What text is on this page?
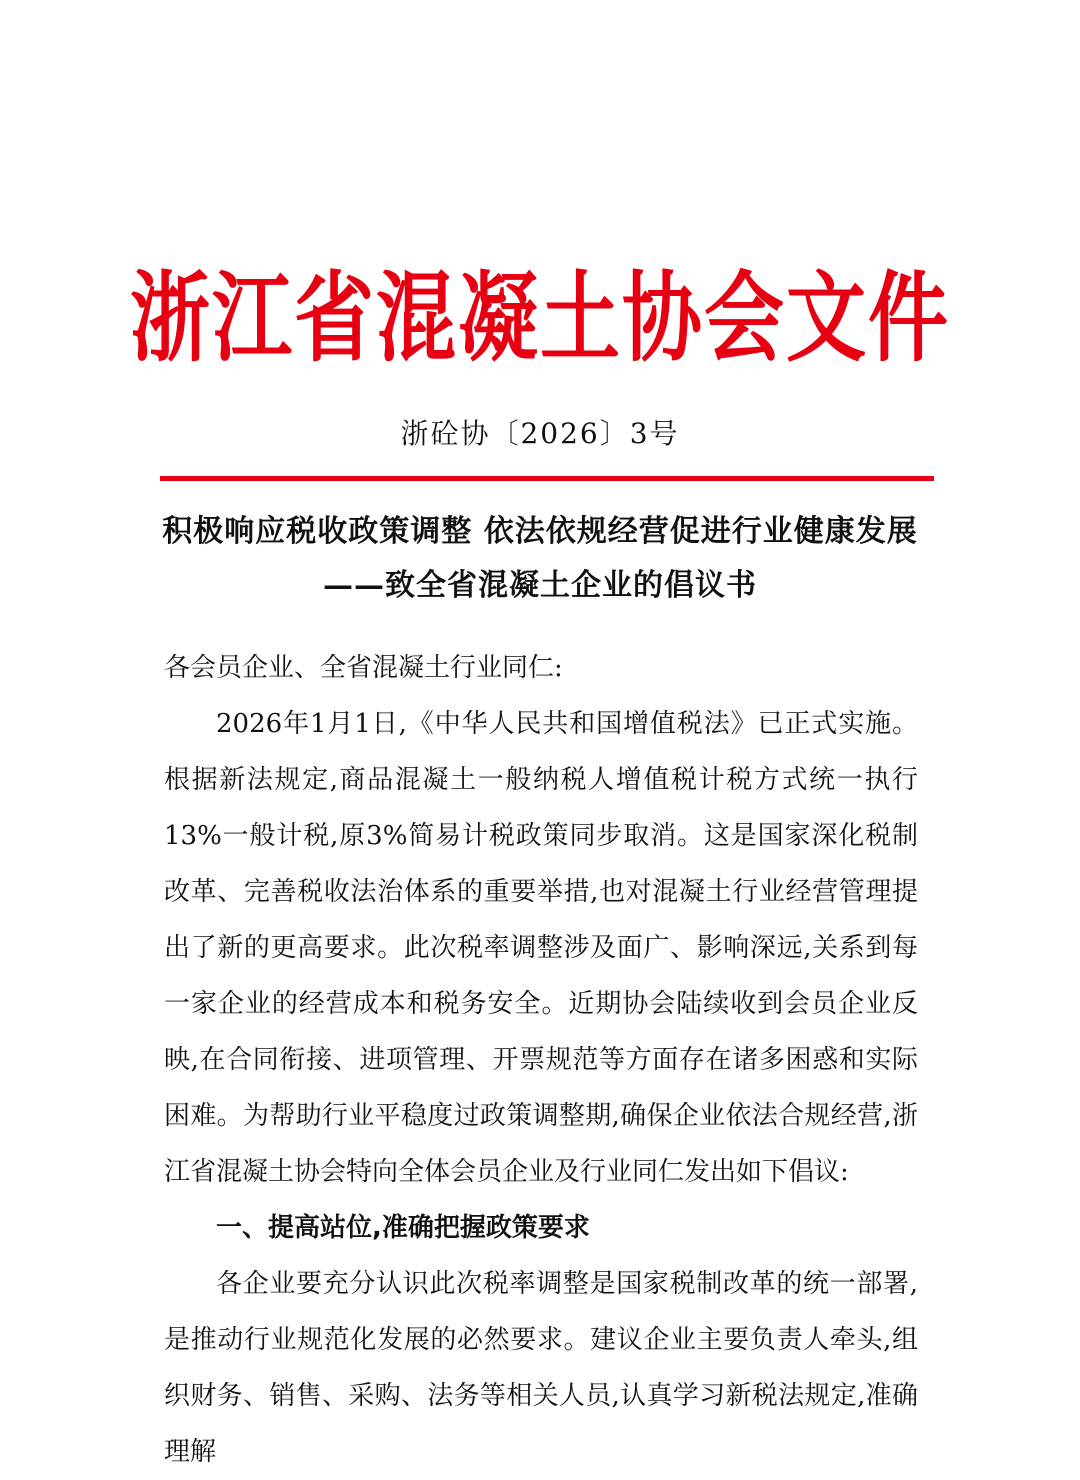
浙江省混凝土协会文件
浙砼协〔2026〕3号
积极响应税收政策调整 依法依规经营促进行业健康发展
——致全省混凝土企业的倡议书

各会员企业、全省混凝土行业同仁:

2026年1月1日,《中华人民共和国增值税法》已正式实施。根据新法规定,商品混凝土一般纳税人增值税计税方式统一执行13%一般计税,原3%简易计税政策同步取消。这是国家深化税制改革、完善税收法治体系的重要举措,也对混凝土行业经营管理提出了新的更高要求。此次税率调整涉及面广、影响深远,关系到每一家企业的经营成本和税务安全。近期协会陆续收到会员企业反映,在合同衔接、进项管理、开票规范等方面存在诸多困惑和实际困难。为帮助行业平稳度过政策调整期,确保企业依法合规经营,浙江省混凝土协会特向全体会员企业及行业同仁发出如下倡议:

一、提高站位,准确把握政策要求

各企业要充分认识此次税率调整是国家税制改革的统一部署,是推动行业规范化发展的必然要求。建议企业主要负责人牵头,组织财务、销售、采购、法务等相关人员,认真学习新税法规定,准确理解
